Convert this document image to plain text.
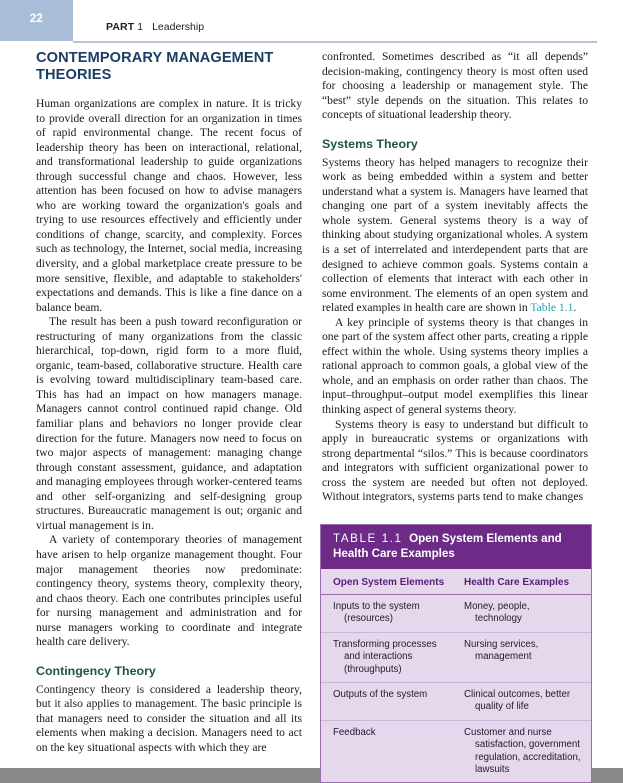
22
PART 1 Leadership
CONTEMPORARY MANAGEMENT THEORIES

Human organizations are complex in nature. It is tricky to provide overall direction for an organization in times of rapid environmental change. The recent focus of leadership theory has been on interactional, relational, and transformational leadership to guide organizations through successful change and chaos. However, less attention has been focused on how to advise managers who are working toward the organization's goals and trying to use resources effectively and efficiently under conditions of change, scarcity, and complexity. Forces such as technology, the Internet, social media, increasing diversity, and a global marketplace create pressure to be more sensitive, flexible, and adaptable to stakeholders' expectations and demands. This is like a fine dance on a balance beam.

The result has been a push toward reconfiguration or restructuring of many organizations from the classic hierarchical, top-down, rigid form to a more fluid, organic, team-based, collaborative structure. Health care is evolving toward multidisciplinary team-based care. This has had an impact on how managers manage. Managers cannot control continued rapid change. Old familiar plans and behaviors no longer provide clear direction for the future. Managers now need to focus on two major aspects of management: managing change through constant assessment, guidance, and adaptation and managing employees through worker-centered teams and other self-organizing and self-designing group structures. Bureaucratic management is out; organic and virtual management is in.

A variety of contemporary theories of management have arisen to help organize management thought. Four major management theories now predominate: contingency theory, systems theory, complexity theory, and chaos theory. Each one contributes principles useful for nursing management and administration and for nurse managers working to coordinate and integrate health care delivery.

Contingency Theory

Contingency theory is considered a leadership theory, but it also applies to management. The basic principle is that managers need to consider the situation and all its elements when making a decision. Managers need to act on the key situational aspects with which they are

confronted. Sometimes described as “it all depends” decision-making, contingency theory is most often used for choosing a leadership or management style. The “best” style depends on the situation. This relates to concepts of situational leadership theory.

Systems Theory

Systems theory has helped managers to recognize their work as being embedded within a system and better understand what a system is. Managers have learned that changing one part of a system inevitably affects the whole system. General systems theory is a way of thinking about studying organizational wholes. A system is a set of interrelated and interdependent parts that are designed to achieve common goals. Systems contain a collection of elements that interact with each other in some environment. The elements of an open system and related examples in health care are shown in Table 1.1.

A key principle of systems theory is that changes in one part of the system affect other parts, creating a ripple effect within the whole. Using systems theory implies a rational approach to common goals, a global view of the whole, and an emphasis on order rather than chaos. The input–throughput–output model exemplifies this linear thinking aspect of general systems theory.

Systems theory is easy to understand but difficult to apply in bureaucratic systems or organizations with strong departmental “silos.” This is because coordinators and integrators with sufficient organizational power to cross the system are needed but often not deployed. Without integrators, systems parts tend to make changes

TABLE 1.1 Open System Elements and Health Care Examples
Open System Elements	Health Care Examples
Inputs to the system
(resources)	Money, people,
technology

Transforming processes
and interactions
(throughputs)	Nursing services,
management

Outputs of the system	Clinical outcomes, better
quality of life

Feedback	Customer and nurse
satisfaction, government
regulation, accreditation,
lawsuits
